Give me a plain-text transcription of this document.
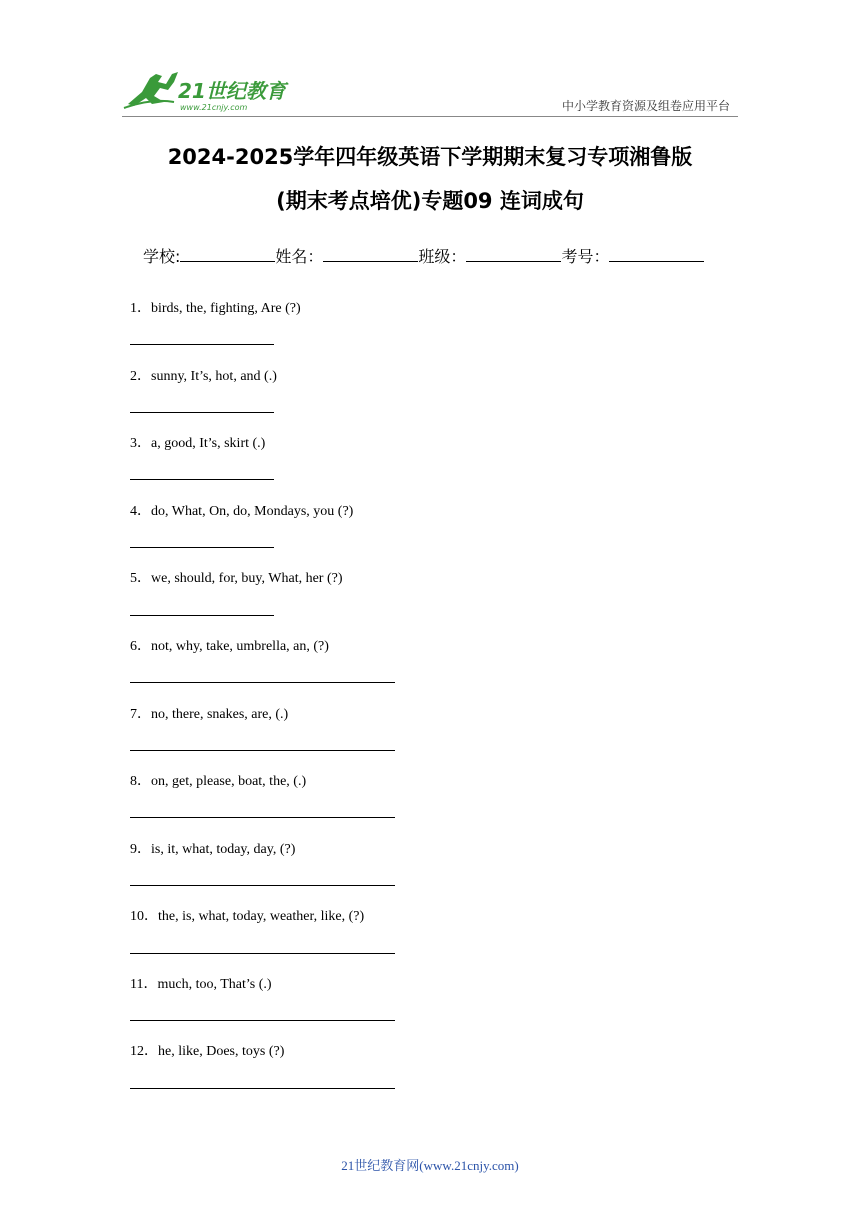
21世纪教育
www.21cnjy.com	中小学教育资源及组卷应用平台
2024-2025学年四年级英语下学期期末复习专项湘鲁版
(期末考点培优)专题09 连词成句
学校:	姓名：	班级：	考号：
1．birds, the, fighting, Are (?)
2．sunny, It’s, hot, and (.)
3．a, good, It’s, skirt (.)
4．do, What, On, do, Mondays, you (?)
5．we, should, for, buy, What, her (?)
6．not, why, take, umbrella, an, (?)
7．no, there, snakes, are, (.)
8．on, get, please, boat, the, (.)
9．is, it, what, today, day, (?)
10．the, is, what, today, weather, like, (?)
11．much, too, That’s (.)
12．he, like, Does, toys (?)
21世纪教育网(www.21cnjy.com)
